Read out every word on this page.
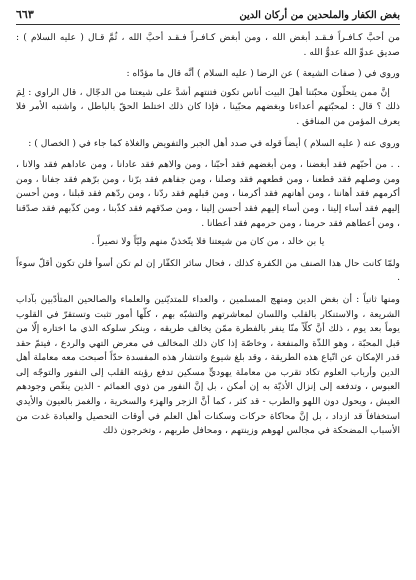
بغض الكفار والملحدين من أركان الدين
٦٦٣

من أحبَّ كـافـراً فـقـد أبغض الله ، ومن أبغض كـافـراً فـقـد أحبَّ الله ، ثُمَّ قـال ( عليه السلام ) : صديق عدوِّ الله عدوُّ الله .

وروي في ( صفات الشيعة ) عن الرضا ( عليه السلام ) أنَّه قال ما مؤدّاه :

إنَّ ممن يتحلّون محبّتنا أهلَ البيت أناس تكون فتنتهم أشدَّ على شيعتنا من الدجّال ، قال الراوي : لِمَ ذلك ؟ قال : لمحبّتهم أعداءنا وبغضهم محبّينا ، فإذا كان ذلك اختلط الحقّ بالباطل ، واشتبه الأمر فلا يعرف المؤمن من المنافق .

وروي عنه ( عليه السلام ) أيضاً قوله في صدد أهل الجبر والتفويض والغلاة كما جاء في ( الخصال ) :

. . من أحبّهم فقد أبغضنا ، ومن أبغضهم فقد أحبّنا ، ومن والاهم فقد عادانا ، ومن عاداهم فقد والانا ، ومن وصلهم فقد قطعنا ، ومن قطعهم فقد وصلنا ، ومن جفاهم فقد برّنا ، ومن برّهم فقد جفانا ، ومن أكرمهم فقد أهاننا ، ومن أهانهم فقد أكرمنا ، ومن قبلهم فقد ردّنا ، ومن ردّهم فقد قبلنا ، ومن أحسن إليهم فقد أساء إلينا ، ومن أساء إليهم فقد أحسن إلينا ، ومن صدّقهم فقد كذّبنا ، ومن كذّبهم فقد صدّقنا ، ومن أعطاهم فقد حرمنا ، ومن حرمهم فقد أعطانا .

يا بن خالد ، من كان من شيعتنا فلا يتّخذنّ منهم وليّاً ولا نصيراً .

ولمّا كانت حال هذا الصنف من الكفرة كذلك ، فحال سائر الكفّار إن لم تكن أسوأ فلن تكون أقلّ سوءاً .

ومنها ثانياً : أن بغض الدين ومنهج المسلمين ، والعداء للمتديّنين والعلماء والصالحين المتأدّبين بآداب الشريعة ، والاستنكار بالقلب واللسان لمعاشرتهم والتشبّه بهم ، كلّها أمور تثبت وتستقرّ في القلوب يوماً بعد يوم ، ذلك أنَّ كلّاً منّا ينفر بالفطرة ممّن يخالف طريقه ، وينكر سلوكه الذي ما اختاره إلّا من قبل المحبّة ، وهو اللذّة والمنفعة ، وخاصّة إذا كان ذلك المخالف في معرض التهي والردع ، فيتمّ حقد قدر الإمكان عن اتّباع هذه الطريقة ، وقد بلغ شيوع وانتشار هذه المفسدة حدّاً أصبحت معه معاملة أهل الدين وأرباب العلوم تكاد تقرب من معاملة يهوديٍّ مسكين تدفع رؤيته القلب إلى النفور والتوجّه إلى العبوس ، وتدفعه إلى إنزال الأذيّة به إن أمكن ، بل إنَّ النفور من ذوي العمائم - الذين ينغّص وجودهم العيش ، ويحول دون اللهو والطرب - قد كثر ، كما أنَّ الزجر والهزء والسخرية ، والغمز بالعيون والأيدي استخفافاً قد ازداد ، بل إنَّ محاكاة حركات وسكنات أهل العلم في أوقات التحصيل والعبادة غدت من الأسباب المضحكة في مجالس لهوهم وزينتهم ، ومحافل طربهم ، وتخرجون ذلك
